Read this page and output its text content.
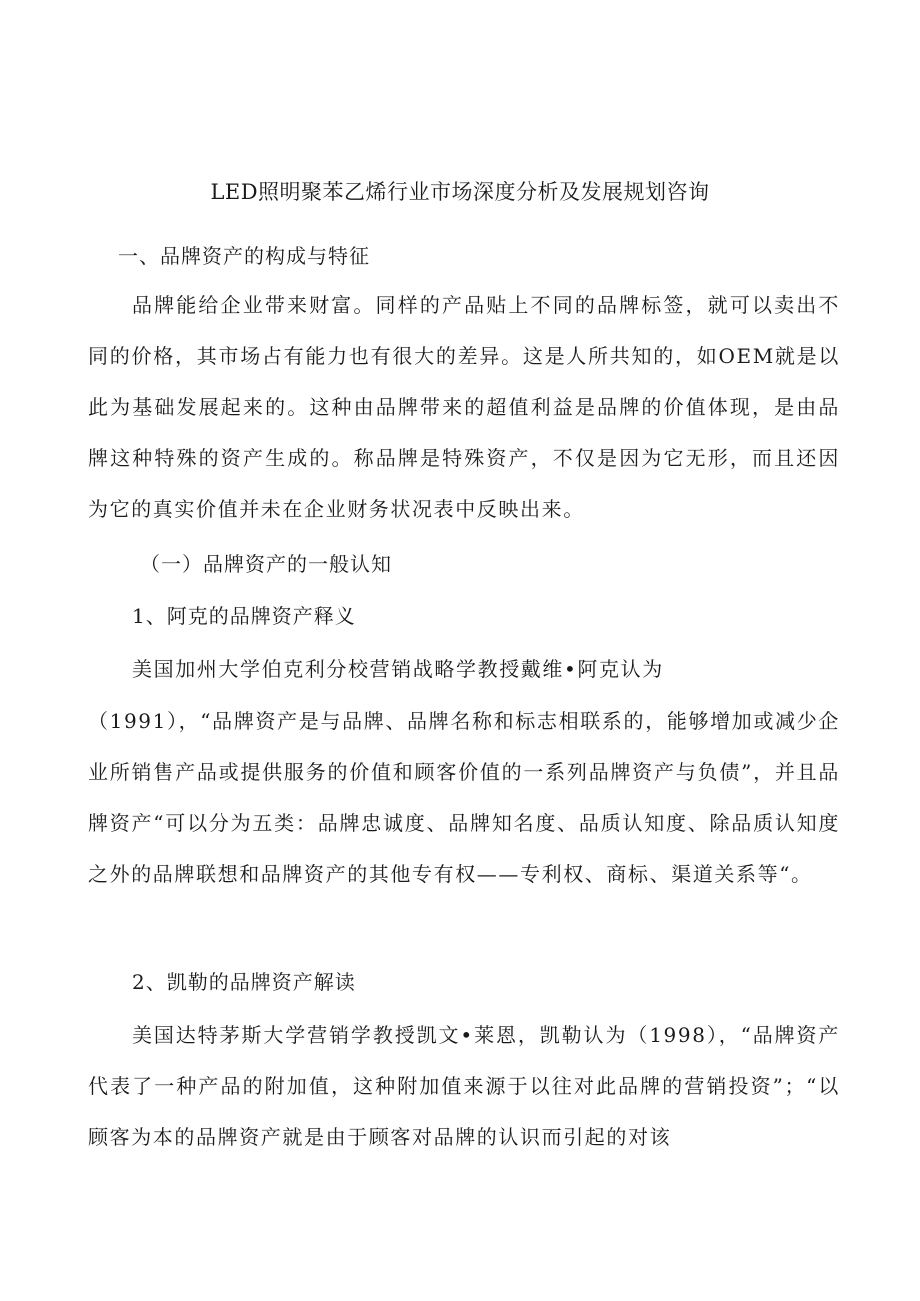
LED照明聚苯乙烯行业市场深度分析及发展规划咨询
一、品牌资产的构成与特征

品牌能给企业带来财富。同样的产品贴上不同的品牌标签，就可以卖出不同的价格，其市场占有能力也有很大的差异。这是人所共知的，如OEM就是以此为基础发展起来的。这种由品牌带来的超值利益是品牌的价值体现，是由品牌这种特殊的资产生成的。称品牌是特殊资产，不仅是因为它无形，而且还因为它的真实价值并未在企业财务状况表中反映出来。

（一）品牌资产的一般认知
1、阿克的品牌资产释义

美国加州大学伯克利分校营销战略学教授戴维•阿克认为

（1991），“品牌资产是与品牌、品牌名称和标志相联系的，能够增加或减少企业所销售产品或提供服务的价值和顾客价值的一系列品牌资产与负债”，并且品牌资产“可以分为五类：品牌忠诚度、品牌知名度、品质认知度、除品质认知度之外的品牌联想和品牌资产的其他专有权——专利权、商标、渠道关系等“。

2、凯勒的品牌资产解读

美国达特茅斯大学营销学教授凯文•莱恩，凯勒认为（1998），“品牌资产代表了一种产品的附加值，这种附加值来源于以往对此品牌的营销投资”；“以顾客为本的品牌资产就是由于顾客对品牌的认识而引起的对该
